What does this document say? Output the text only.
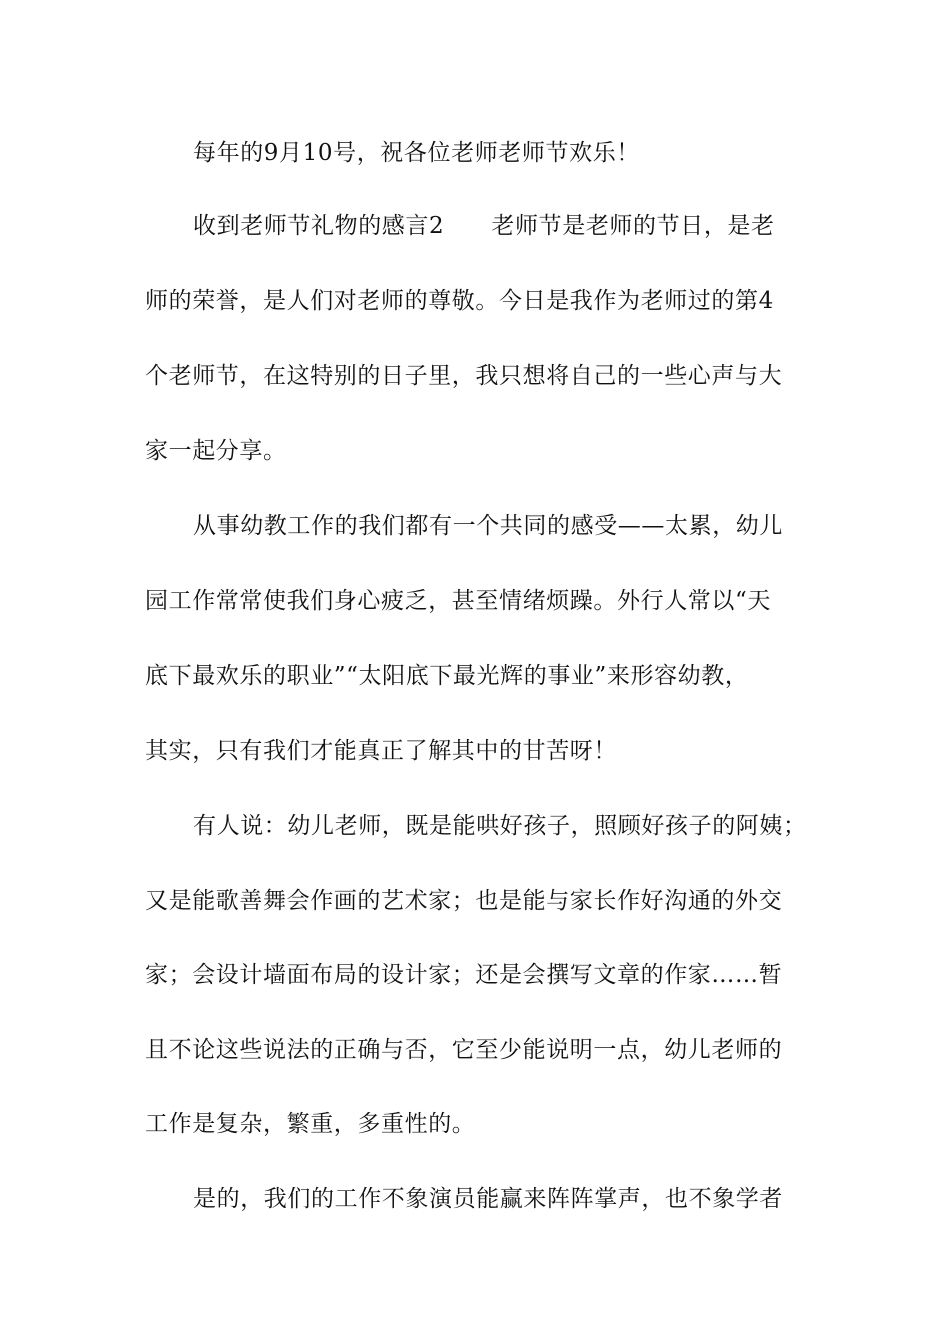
每年的9月10号，祝各位老师老师节欢乐！
收到老师节礼物的感言2　　老师节是老师的节日，是老
师的荣誉，是人们对老师的尊敬。今日是我作为老师过的第4
个老师节，在这特别的日子里，我只想将自己的一些心声与大
家一起分享。
从事幼教工作的我们都有一个共同的感受——太累，幼儿
园工作常常使我们身心疲乏，甚至情绪烦躁。外行人常以“天
底下最欢乐的职业”“太阳底下最光辉的事业”来形容幼教，
其实，只有我们才能真正了解其中的甘苦呀！
有人说：幼儿老师，既是能哄好孩子，照顾好孩子的阿姨；
又是能歌善舞会作画的艺术家；也是能与家长作好沟通的外交
家；会设计墙面布局的设计家；还是会撰写文章的作家……暂
且不论这些说法的正确与否，它至少能说明一点，幼儿老师的
工作是复杂，繁重，多重性的。
是的，我们的工作不象演员能赢来阵阵掌声，也不象学者
